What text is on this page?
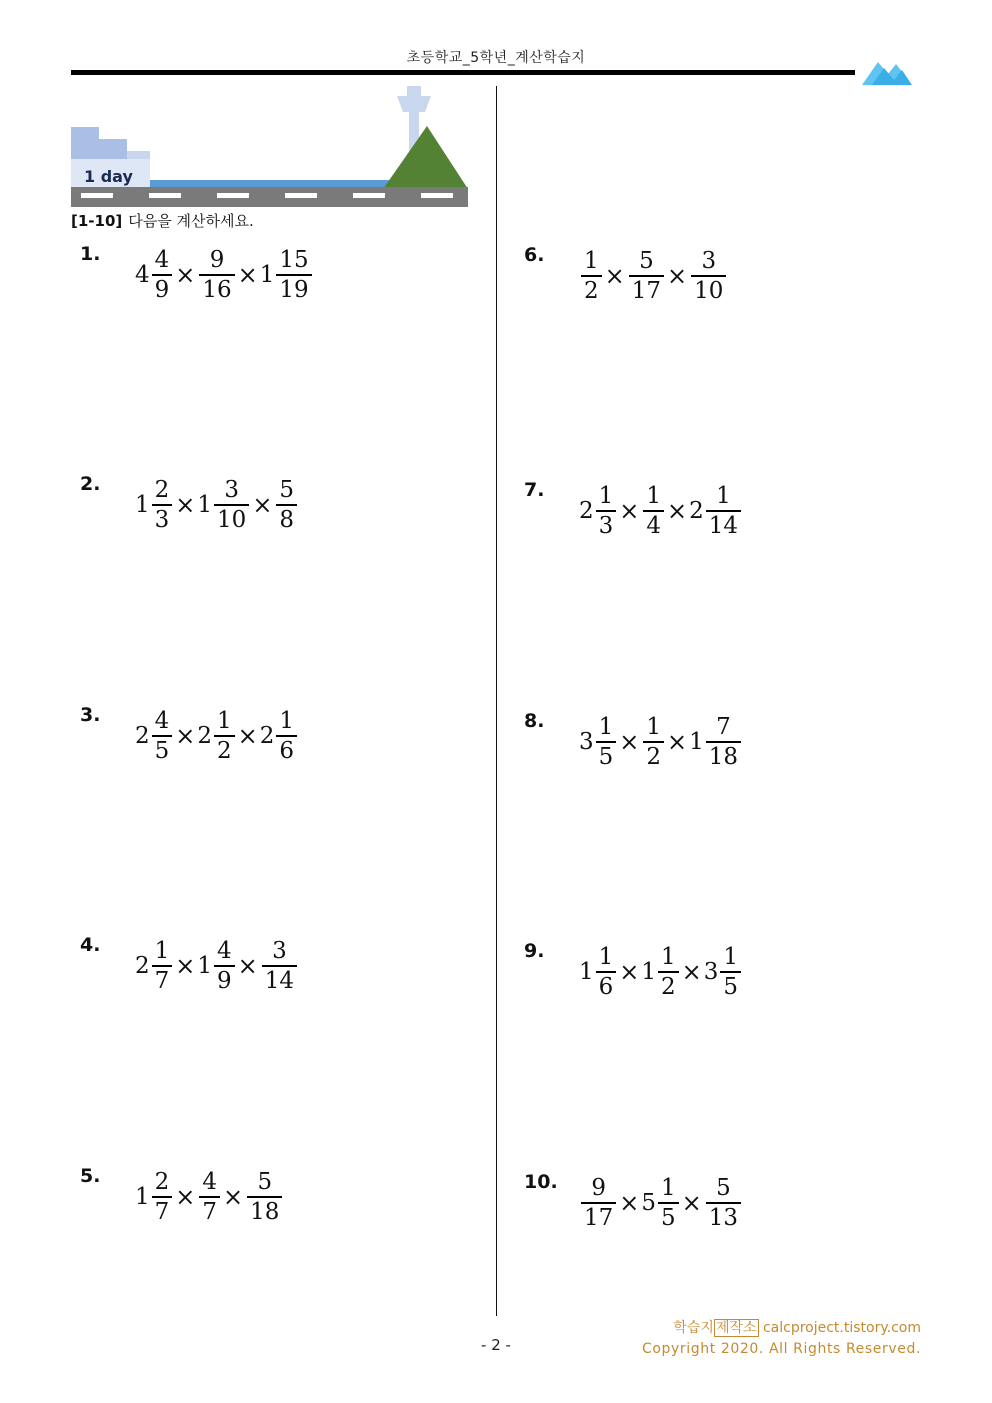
초등학교_5학년_계산학습지
1 day
[1-10] 다음을 계산하세요.
1.
$4 \frac{4}{9} \times \frac{9}{16} \times 1 \frac{15}{19}$
2.
$1 \frac{2}{3} \times 1 \frac{3}{10} \times \frac{5}{8}$
3.
$2 \frac{4}{5} \times 2 \frac{1}{2} \times 2 \frac{1}{6}$
4.
$2 \frac{1}{7} \times 1 \frac{4}{9} \times \frac{3}{14}$
5.
$1 \frac{2}{7} \times \frac{4}{7} \times \frac{5}{18}$
6. $\frac{1}{2} \times \frac{5}{17} \times \frac{3}{10}$
7.
$2 \frac{1}{3} \times \frac{1}{4} \times 2 \frac{1}{14}$
8.
$3 \frac{1}{5} \times \frac{1}{2} \times 1 \frac{7}{18}$
9.
$1 \frac{1}{6} \times 1 \frac{1}{2} \times 3 \frac{1}{5}$
10. $\frac{9}{17} \times 5 \frac{1}{5} \times \frac{5}{13}$
학습지 제작소 calcproject.tistory.com
- 2 -	Copyright 2020. All Rights Reserved.
